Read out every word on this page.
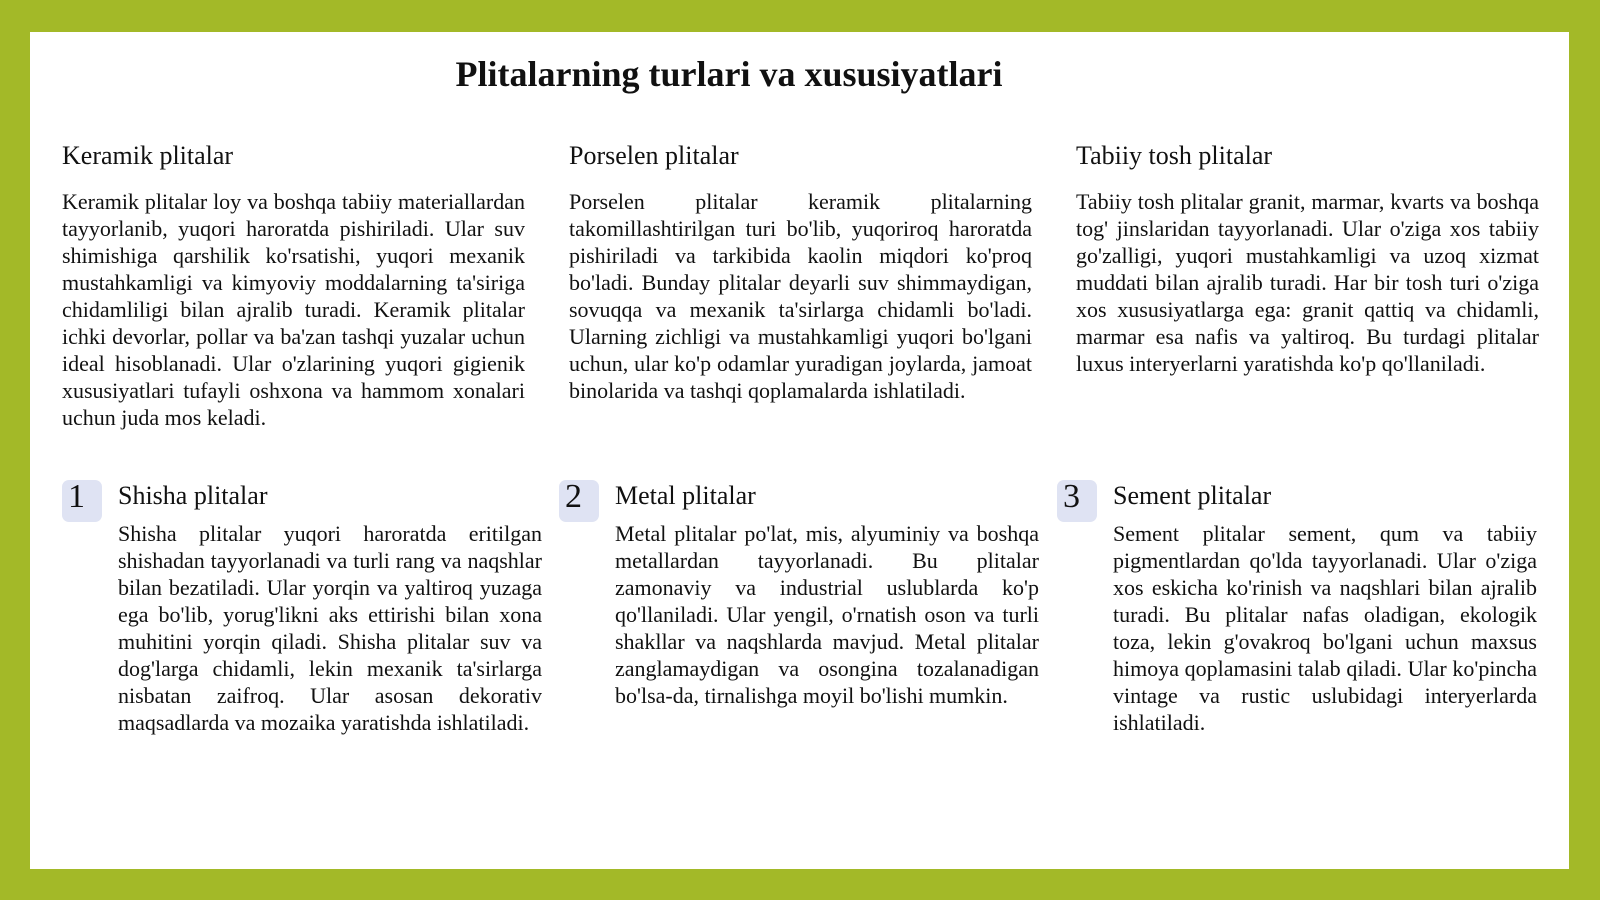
Plitalarning turlari va xususiyatlari
Keramik plitalar

Keramik plitalar loy va boshqa tabiiy materiallardan tayyorlanib, yuqori haroratda pishiriladi. Ular suv shimishiga qarshilik ko'rsatishi, yuqori mexanik mustahkamligi va kimyoviy moddalarning ta'siriga chidamliligi bilan ajralib turadi. Keramik plitalar ichki devorlar, pollar va ba'zan tashqi yuzalar uchun ideal hisoblanadi. Ular o'zlarining yuqori gigienik xususiyatlari tufayli oshxona va hammom xonalari uchun juda mos keladi.

Porselen plitalar

Porselen plitalar keramik plitalarning takomillashtirilgan turi bo'lib, yuqoriroq haroratda pishiriladi va tarkibida kaolin miqdori ko'proq bo'ladi. Bunday plitalar deyarli suv shimmaydigan, sovuqqa va mexanik ta'sirlarga chidamli bo'ladi. Ularning zichligi va mustahkamligi yuqori bo'lgani uchun, ular ko'p odamlar yuradigan joylarda, jamoat binolarida va tashqi qoplamalarda ishlatiladi.

Tabiiy tosh plitalar

Tabiiy tosh plitalar granit, marmar, kvarts va boshqa tog' jinslaridan tayyorlanadi. Ular o'ziga xos tabiiy go'zalligi, yuqori mustahkamligi va uzoq xizmat muddati bilan ajralib turadi. Har bir tosh turi o'ziga xos xususiyatlarga ega: granit qattiq va chidamli, marmar esa nafis va yaltiroq. Bu turdagi plitalar luxus interyerlarni yaratishda ko'p qo'llaniladi.

1	Shisha plitalar

Shisha plitalar yuqori haroratda eritilgan shishadan tayyorlanadi va turli rang va naqshlar bilan bezatiladi. Ular yorqin va yaltiroq yuzaga ega bo'lib, yorug'likni aks ettirishi bilan xona muhitini yorqin qiladi. Shisha plitalar suv va dog'larga chidamli, lekin mexanik ta'sirlarga nisbatan zaifroq. Ular asosan dekorativ maqsadlarda va mozaika yaratishda ishlatiladi.

2	Metal plitalar

Metal plitalar po'lat, mis, alyuminiy va boshqa metallardan tayyorlanadi. Bu plitalar zamonaviy va industrial uslublarda ko'p qo'llaniladi. Ular yengil, o'rnatish oson va turli shakllar va naqshlarda mavjud. Metal plitalar zanglamaydigan va osongina tozalanadigan bo'lsa-da, tirnalishga moyil bo'lishi mumkin.

3	Sement plitalar

Sement plitalar sement, qum va tabiiy pigmentlardan qo'lda tayyorlanadi. Ular o'ziga xos eskicha ko'rinish va naqshlari bilan ajralib turadi. Bu plitalar nafas oladigan, ekologik toza, lekin g'ovakroq bo'lgani uchun maxsus himoya qoplamasini talab qiladi. Ular ko'pincha vintage va rustic uslubidagi interyerlarda ishlatiladi.
